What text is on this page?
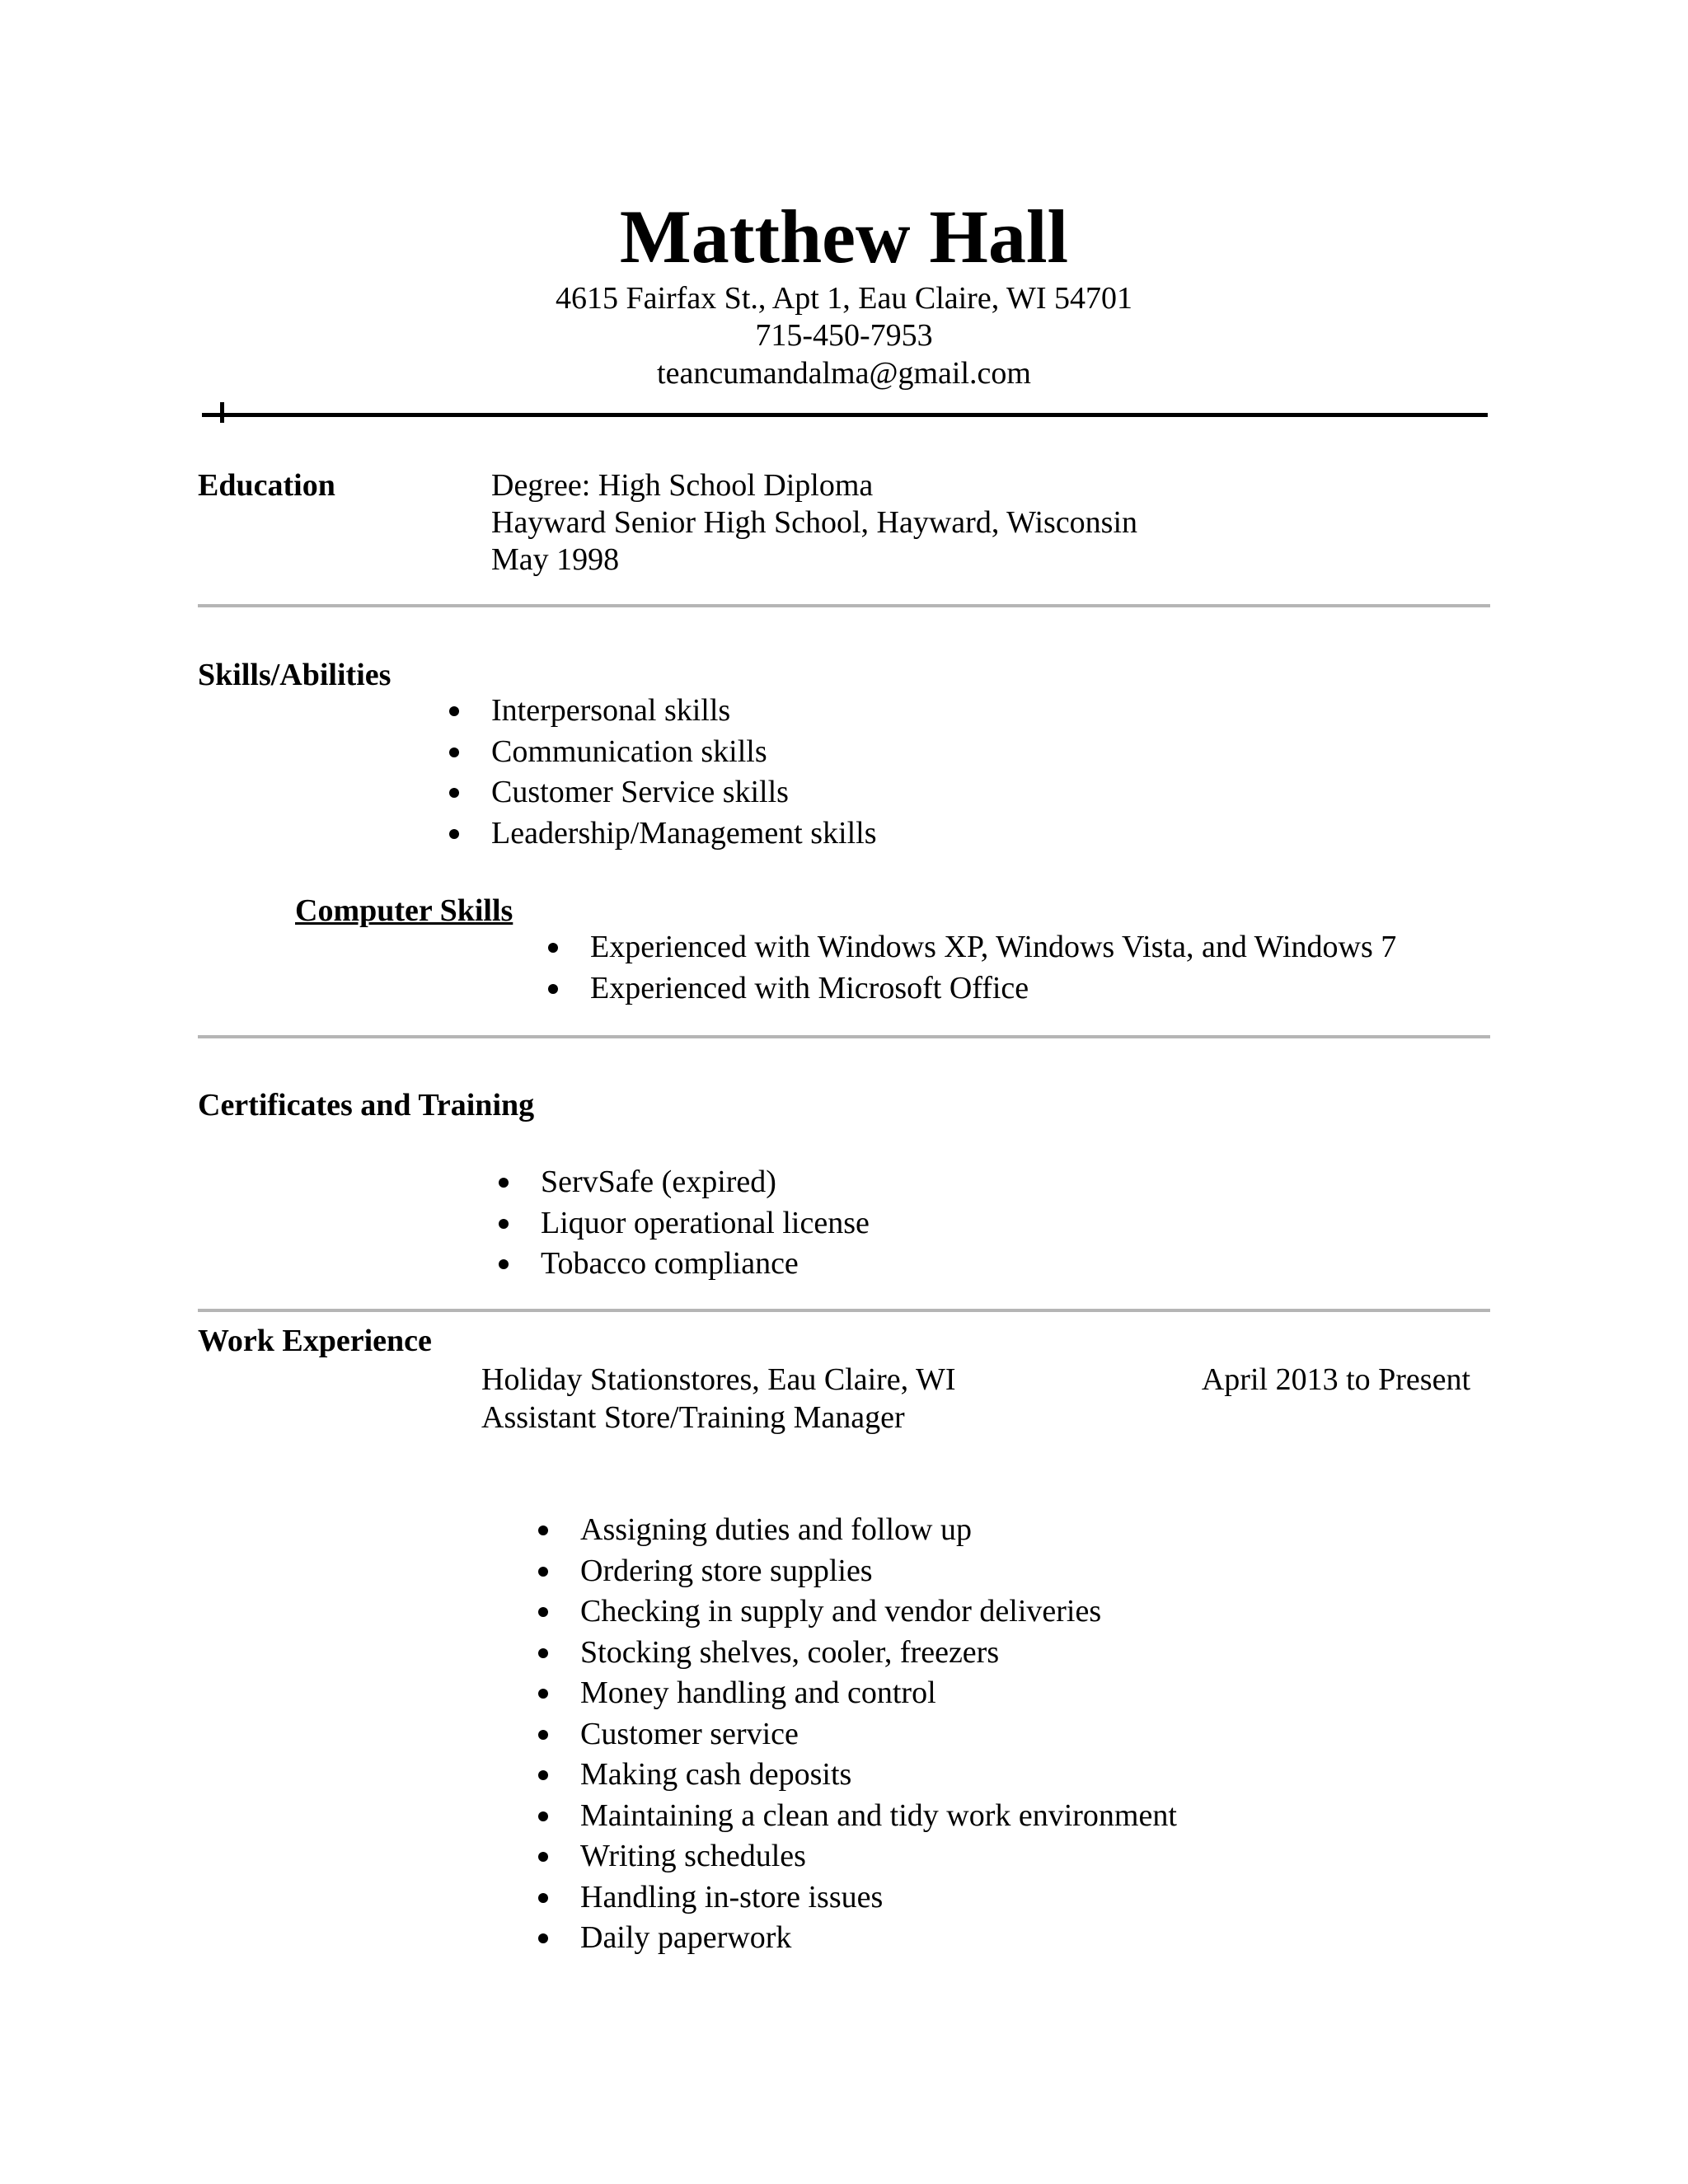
Matthew Hall
4615 Fairfax St., Apt 1, Eau Claire, WI 54701
715-450-7953
teancumandalma@gmail.com
Education	Degree: High School Diploma
Hayward Senior High School, Hayward, Wisconsin
May 1998
Skills/Abilities
Interpersonal skills
Communication skills
Customer Service skills
Leadership/Management skills
Computer Skills
Experienced with Windows XP, Windows Vista, and Windows 7
Experienced with Microsoft Office
Certificates and Training
ServSafe (expired)
Liquor operational license
Tobacco compliance
Work Experience
Holiday Stationstores, Eau Claire, WI	April 2013 to Present
Assistant Store/Training Manager
Assigning duties and follow up
Ordering store supplies
Checking in supply and vendor deliveries
Stocking shelves, cooler, freezers
Money handling and control
Customer service
Making cash deposits
Maintaining a clean and tidy work environment
Writing schedules
Handling in-store issues
Daily paperwork
